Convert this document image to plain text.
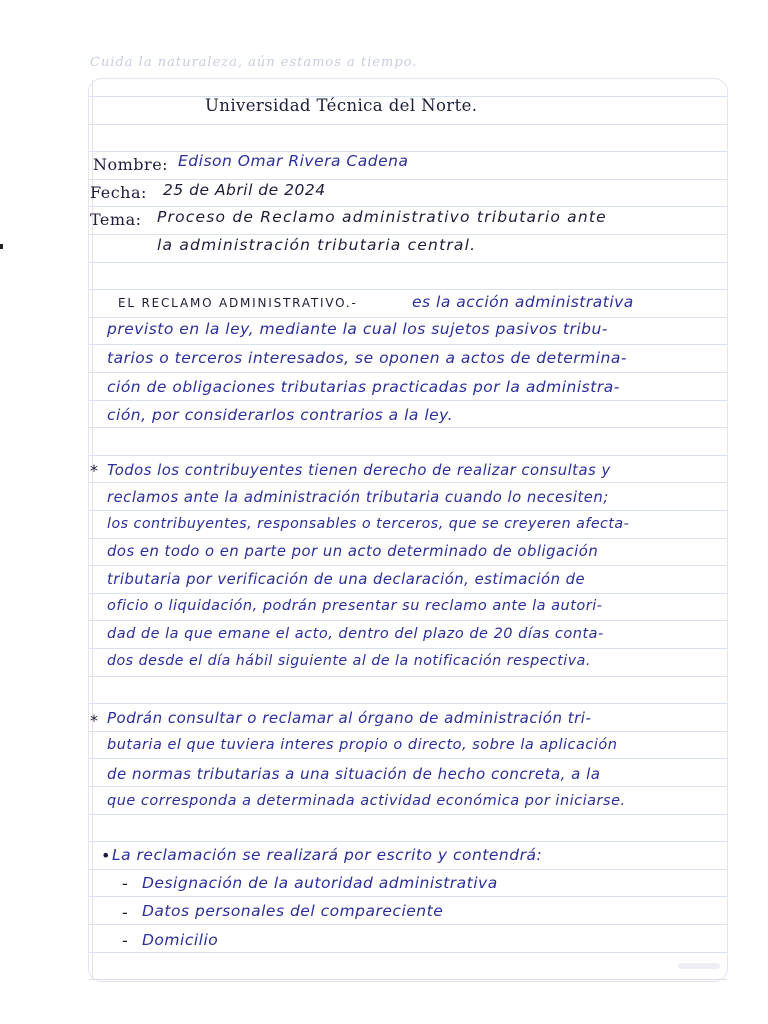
Cuida la naturaleza, aún estamos a tiempo.
Universidad Técnica del Norte.
Nombre: Edison Omar Rivera Cadena
Fecha: 25 de Abril de 2024
Tema: Proceso de Reclamo administrativo tributario ante
la administración tributaria central.
EL RECLAMO ADMINISTRATIVO.-	es la acción administrativa
previsto en la ley, mediante la cual los sujetos pasivos tribu-
tarios o terceros interesados, se oponen a actos de determina-
ción de obligaciones tributarias practicadas por la administra-
ción, por considerarlos contrarios a la ley.
* Todos los contribuyentes tienen derecho de realizar consultas y
reclamos ante la administración tributaria cuando lo necesiten;
los contribuyentes, responsables o terceros, que se creyeren afecta-
dos en todo o en parte por un acto determinado de obligación
tributaria por verificación de una declaración, estimación de
oficio o liquidación, podrán presentar su reclamo ante la autori-
dad de la que emane el acto, dentro del plazo de 20 días conta-
dos desde el día hábil siguiente al de la notificación respectiva.
* Podrán consultar o reclamar al órgano de administración tri-
butaria el que tuviera interes propio o directo, sobre la aplicación
de normas tributarias a una situación de hecho concreta, a la
que corresponda a determinada actividad económica por iniciarse.
• La reclamación se realizará por escrito y contendrá:
- Designación de la autoridad administrativa
- Datos personales del compareciente
- Domicilio
